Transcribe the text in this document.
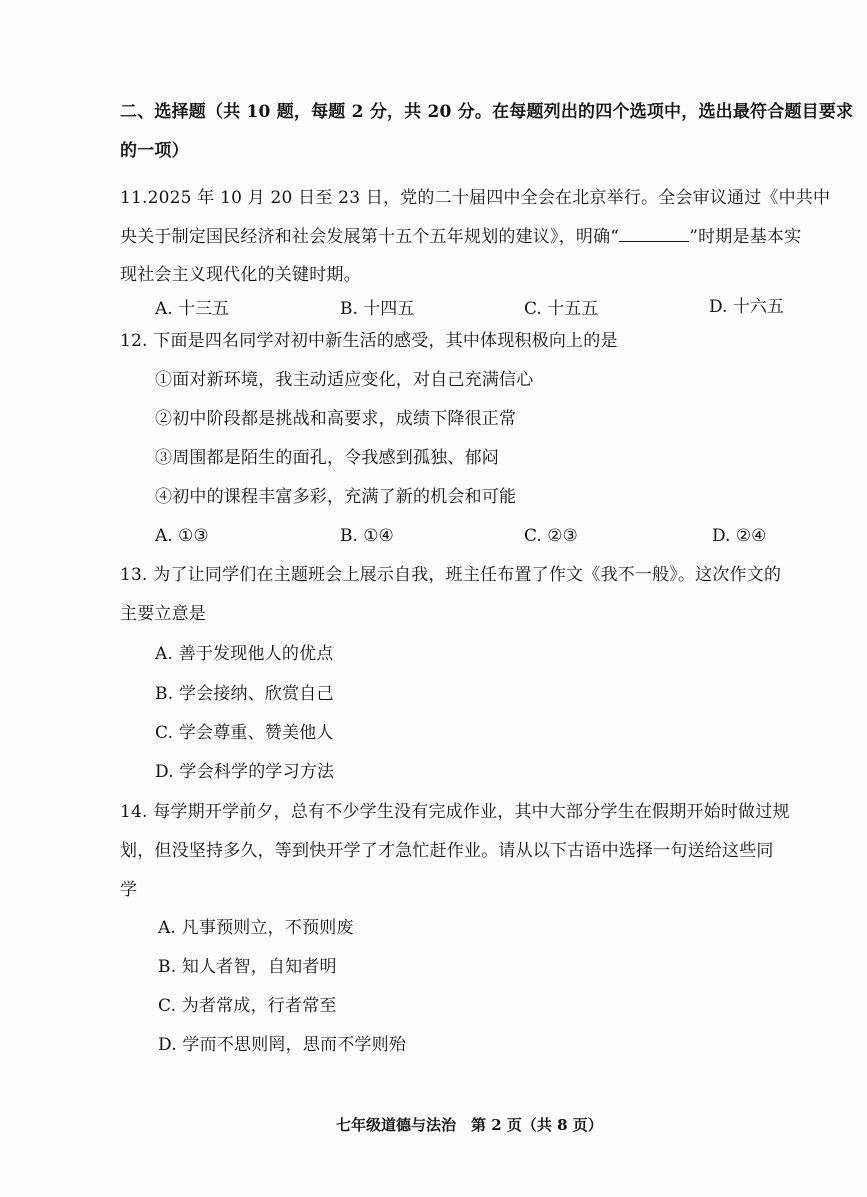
二、选择题（共 10 题，每题 2 分，共 20 分。在每题列出的四个选项中，选出最符合题目要求
的一项）
11.2025 年 10 月 20 日至 23 日，党的二十届四中全会在北京举行。全会审议通过《中共中
央关于制定国民经济和社会发展第十五个五年规划的建议》，明确“	”时期是基本实
现社会主义现代化的关键时期。
A. 十三五	B. 十四五	C. 十五五	D. 十六五
12. 下面是四名同学对初中新生活的感受，其中体现积极向上的是
①面对新环境，我主动适应变化，对自己充满信心
②初中阶段都是挑战和高要求，成绩下降很正常
③周围都是陌生的面孔，令我感到孤独、郁闷
④初中的课程丰富多彩，充满了新的机会和可能
A. ①③	B. ①④	C. ②③	D. ②④
13. 为了让同学们在主题班会上展示自我，班主任布置了作文《我不一般》。这次作文的
主要立意是
A. 善于发现他人的优点
B. 学会接纳、欣赏自己
C. 学会尊重、赞美他人
D. 学会科学的学习方法
14. 每学期开学前夕，总有不少学生没有完成作业，其中大部分学生在假期开始时做过规
划，但没坚持多久，等到快开学了才急忙赶作业。请从以下古语中选择一句送给这些同
学
A. 凡事预则立，不预则废
B. 知人者智，自知者明
C. 为者常成，行者常至
D. 学而不思则罔，思而不学则殆
七年级道德与法治　第 2 页（共 8 页）
